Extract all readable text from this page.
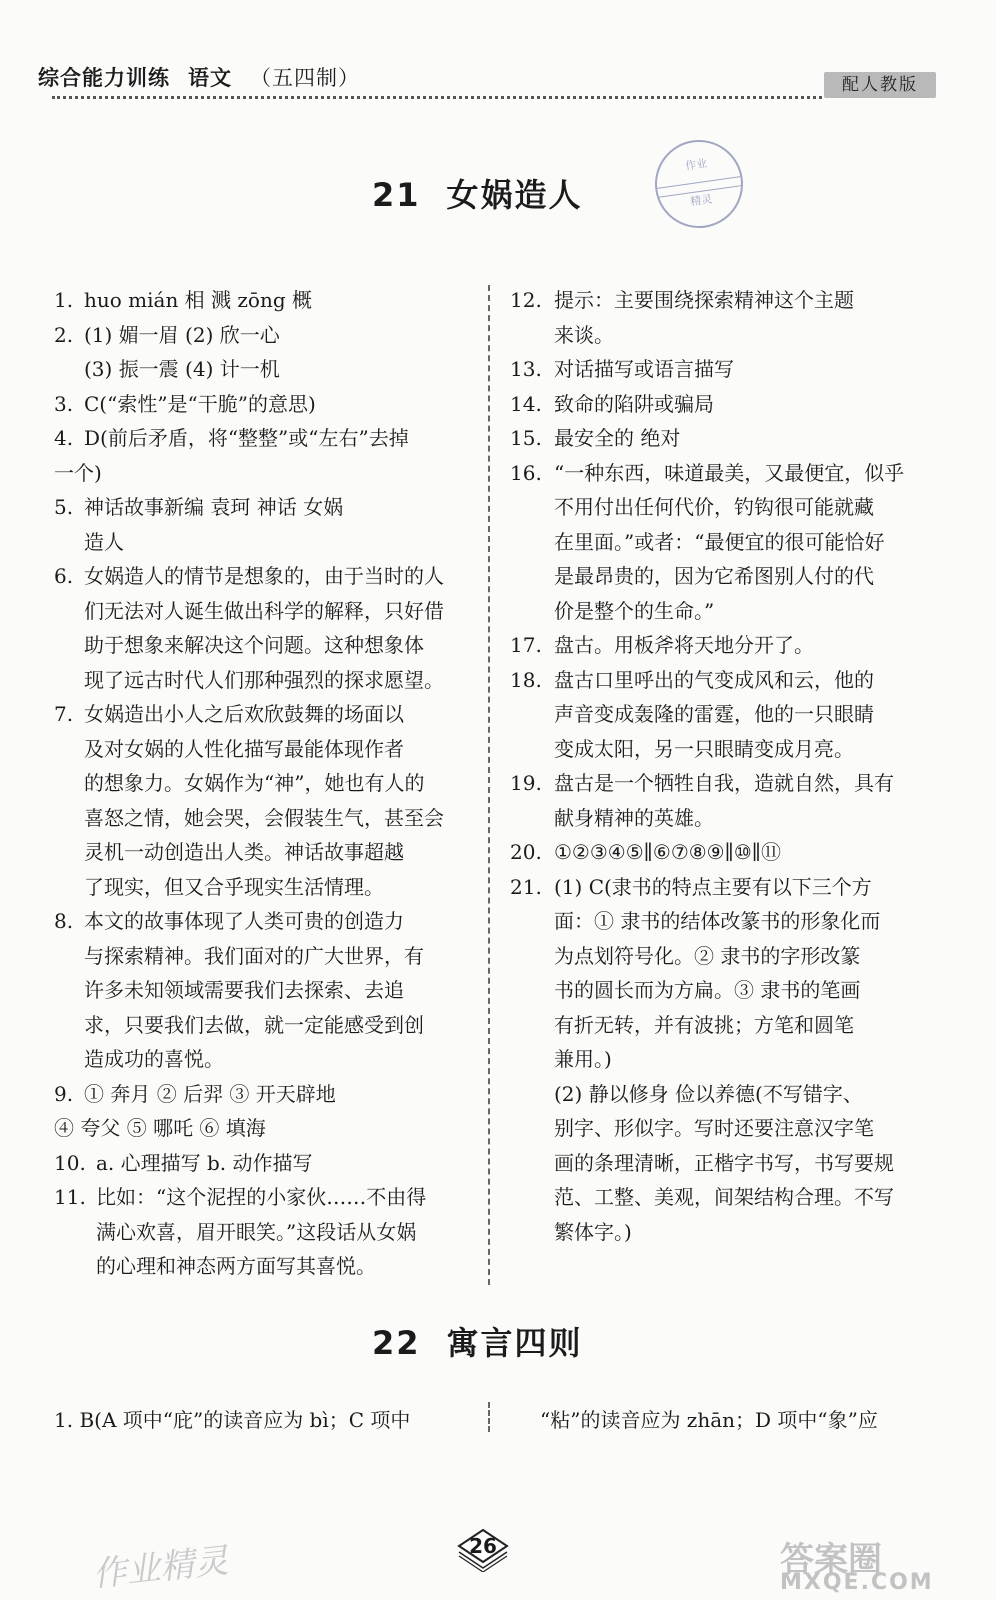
综合能力训练 语文 （五四制）	配人教版
21 女娲造人
作业
精灵
1. huo mián 相 溅 zōng 概
2. (1) 媚一眉 (2) 欣一心
(3) 振一震 (4) 计一机
3. C(“索性”是“干脆”的意思)
4. D(前后矛盾，将“整整”或“左右”去掉
一个)
5. 神话故事新编 袁珂 神话 女娲
造人
6. 女娲造人的情节是想象的，由于当时的人
们无法对人诞生做出科学的解释，只好借
助于想象来解决这个问题。这种想象体
现了远古时代人们那种强烈的探求愿望。
7. 女娲造出小人之后欢欣鼓舞的场面以
及对女娲的人性化描写最能体现作者
的想象力。女娲作为“神”，她也有人的
喜怒之情，她会哭，会假装生气，甚至会
灵机一动创造出人类。神话故事超越
了现实，但又合乎现实生活情理。
8. 本文的故事体现了人类可贵的创造力
与探索精神。我们面对的广大世界，有
许多未知领域需要我们去探索、去追
求，只要我们去做，就一定能感受到创
造成功的喜悦。
9. ① 奔月 ② 后羿 ③ 开天辟地
④ 夸父 ⑤ 哪吒 ⑥ 填海
10. a. 心理描写 b. 动作描写
11. 比如：“这个泥捏的小家伙……不由得
满心欢喜，眉开眼笑。”这段话从女娲
的心理和神态两方面写其喜悦。
12. 提示：主要围绕探索精神这个主题
来谈。
13. 对话描写或语言描写
14. 致命的陷阱或骗局
15. 最安全的 绝对
16. “一种东西，味道最美，又最便宜，似乎
不用付出任何代价，钓钩很可能就藏
在里面。”或者：“最便宜的很可能恰好
是最昂贵的，因为它希图别人付的代
价是整个的生命。”
17. 盘古。用板斧将天地分开了。
18. 盘古口里呼出的气变成风和云，他的
声音变成轰隆的雷霆，他的一只眼睛
变成太阳，另一只眼睛变成月亮。
19. 盘古是一个牺牲自我，造就自然，具有
献身精神的英雄。
20. ①②③④⑤∥⑥⑦⑧⑨∥⑩∥⑪
21. (1) C(隶书的特点主要有以下三个方
面：① 隶书的结体改篆书的形象化而
为点划符号化。② 隶书的字形改篆
书的圆长而为方扁。③ 隶书的笔画
有折无转，并有波挑；方笔和圆笔
兼用。)
(2) 静以修身 俭以养德(不写错字、
别字、形似字。写时还要注意汉字笔
画的条理清晰，正楷字书写，书写要规
范、工整、美观，间架结构合理。不写
繁体字。)
22 寓言四则
1. B(A 项中“庇”的读音应为 bì；C 项中	“粘”的读音应为 zhān；D 项中“象”应
26
作业精灵	答案圈
MXQE.COM
